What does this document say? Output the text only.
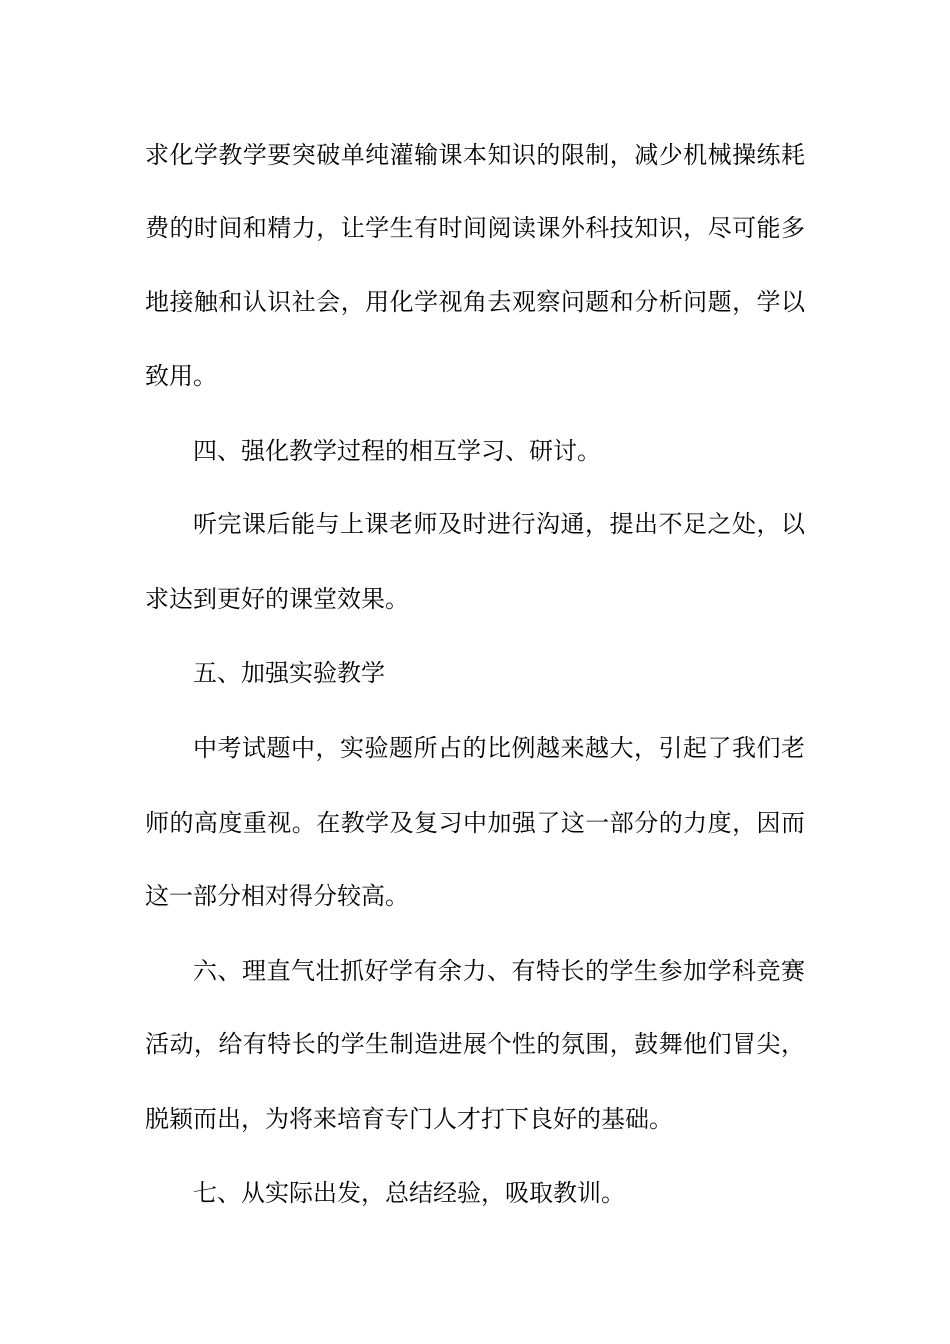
求化学教学要突破单纯灌输课本知识的限制，减少机械操练耗
费的时间和精力，让学生有时间阅读课外科技知识，尽可能多
地接触和认识社会，用化学视角去观察问题和分析问题，学以
致用。
四、强化教学过程的相互学习、研讨。
听完课后能与上课老师及时进行沟通，提出不足之处，以
求达到更好的课堂效果。
五、加强实验教学
中考试题中，实验题所占的比例越来越大，引起了我们老
师的高度重视。在教学及复习中加强了这一部分的力度，因而
这一部分相对得分较高。
六、理直气壮抓好学有余力、有特长的学生参加学科竞赛
活动，给有特长的学生制造进展个性的氛围，鼓舞他们冒尖，
脱颖而出，为将来培育专门人才打下良好的基础。
七、从实际出发，总结经验，吸取教训。
